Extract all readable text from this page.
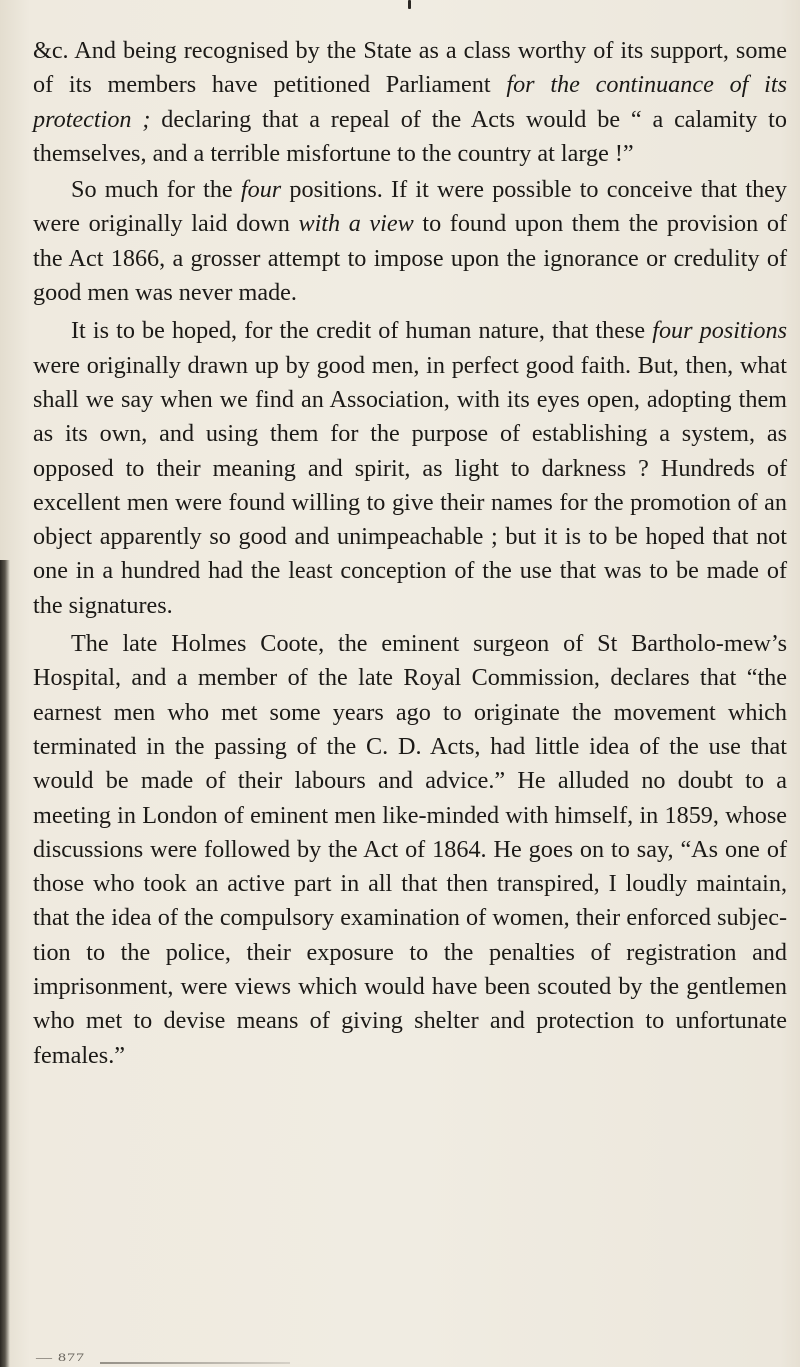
&c. And being recognised by the State as a class worthy of its support, some of its members have petitioned Parliament for the continuance of its protection ; declaring that a repeal of the Acts would be “ a calamity to themselves, and a terrible misfortune to the country at large !”

So much for the four positions. If it were possible to conceive that they were originally laid down with a view to found upon them the provision of the Act 1866, a grosser attempt to impose upon the ignorance or credulity of good men was never made.

It is to be hoped, for the credit of human nature, that these four positions were originally drawn up by good men, in perfect good faith. But, then, what shall we say when we find an Association, with its eyes open, adopting them as its own, and using them for the purpose of establishing a system, as opposed to their meaning and spirit, as light to darkness ? Hundreds of excellent men were found willing to give their names for the promotion of an object apparently so good and unimpeachable ; but it is to be hoped that not one in a hundred had the least conception of the use that was to be made of the signatures.

The late Holmes Coote, the eminent surgeon of St Bartholo-mew’s Hospital, and a member of the late Royal Commission, declares that “the earnest men who met some years ago to originate the movement which terminated in the passing of the C. D. Acts, had little idea of the use that would be made of their labours and advice.” He alluded no doubt to a meeting in London of eminent men like-minded with himself, in 1859, whose discussions were followed by the Act of 1864. He goes on to say, “As one of those who took an active part in all that then transpired, I loudly maintain, that the idea of the compulsory examination of women, their enforced subjec-tion to the police, their exposure to the penalties of registration and imprisonment, were views which would have been scouted by the gentlemen who met to devise means of giving shelter and protection to unfortunate females.”

— 877
